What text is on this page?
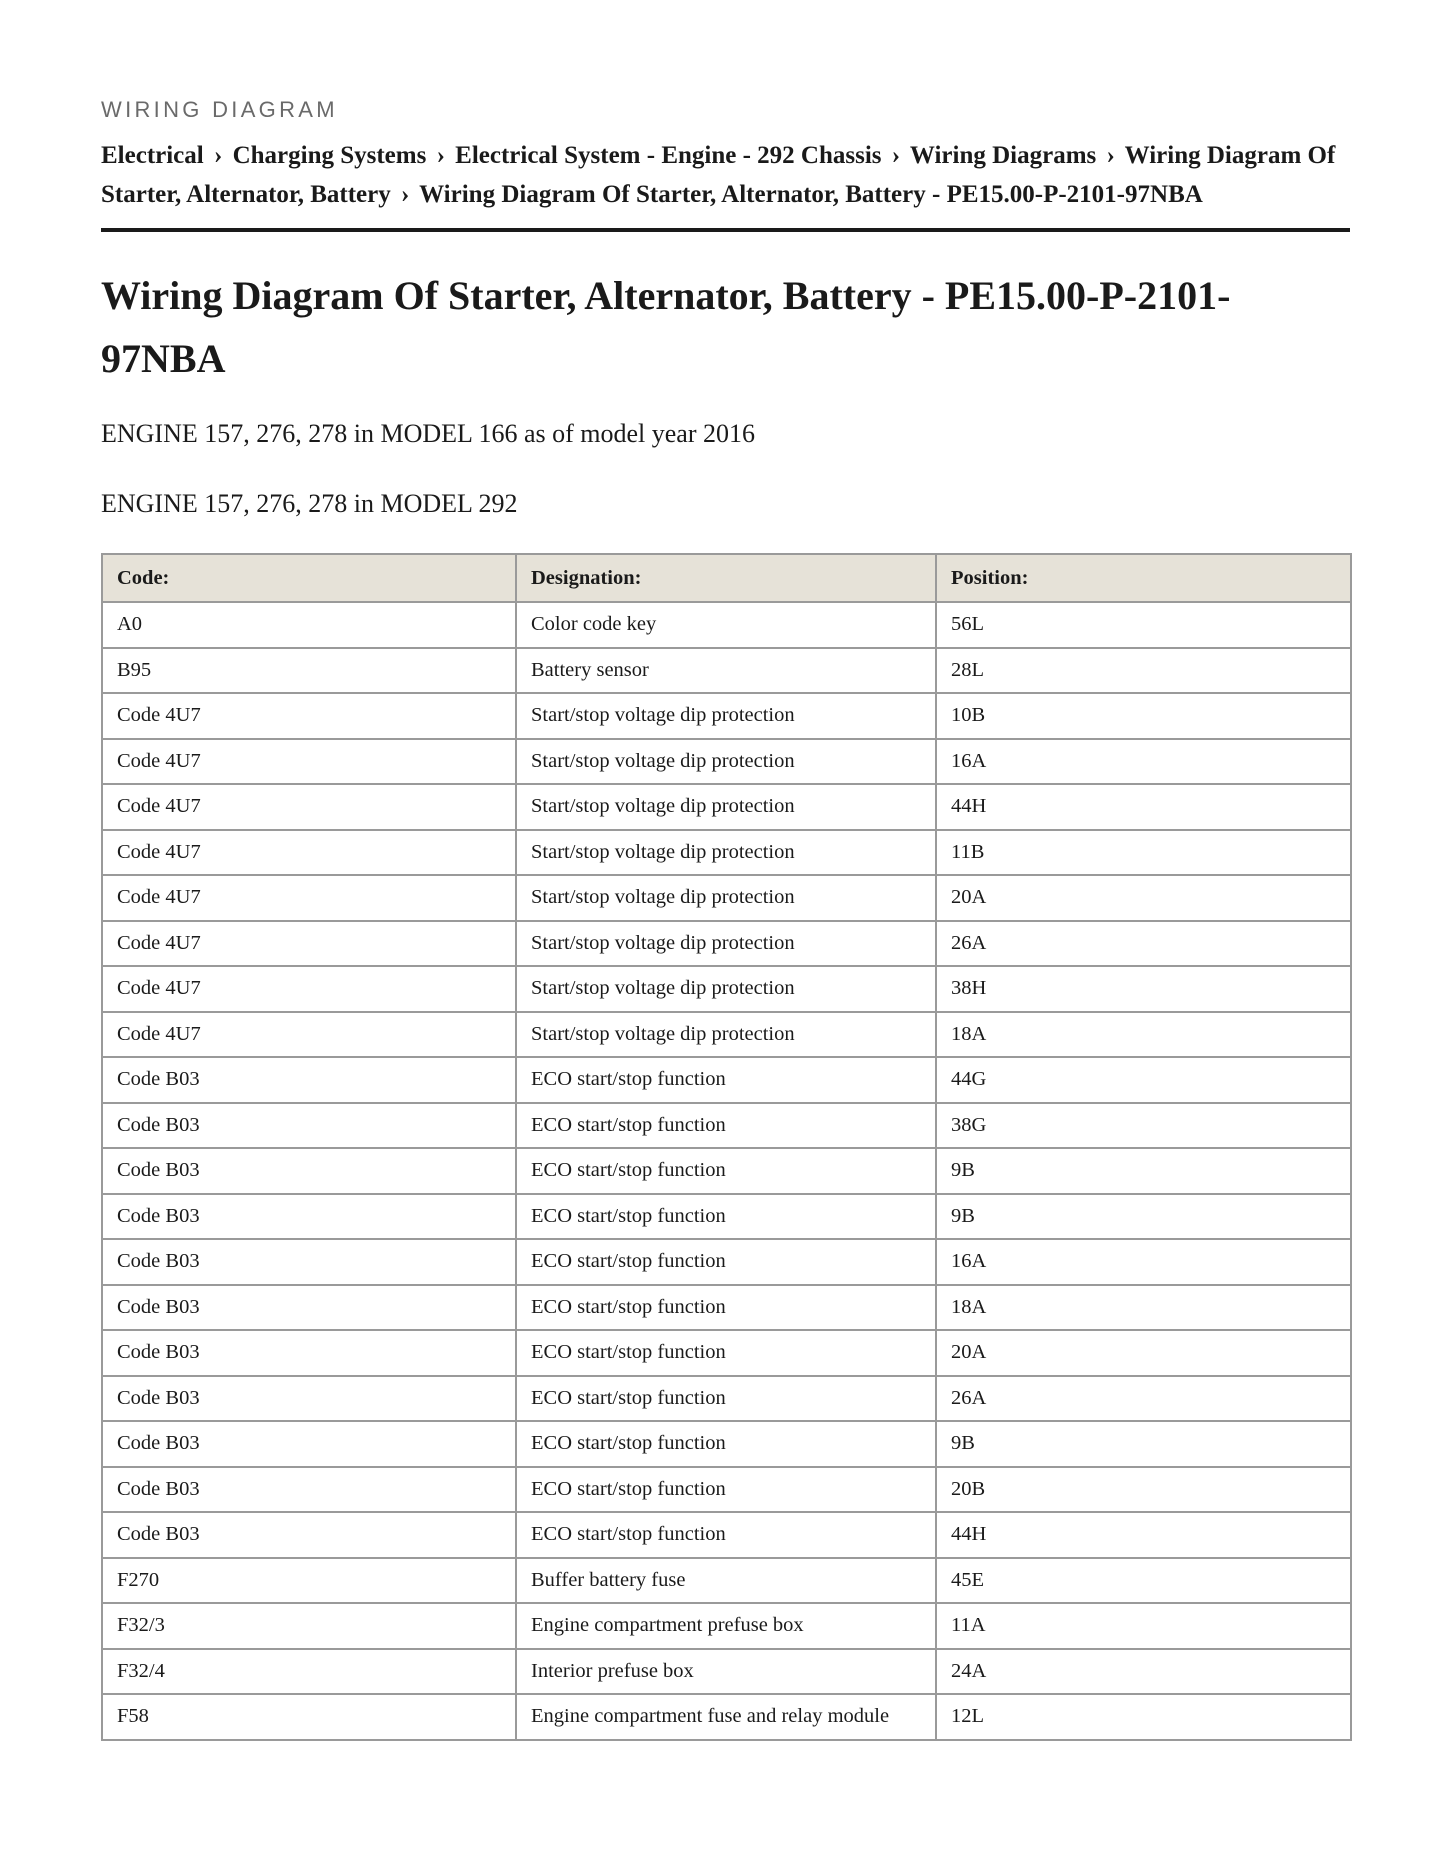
WIRING DIAGRAM
Electrical › Charging Systems › Electrical System - Engine - 292 Chassis › Wiring Diagrams › Wiring Diagram Of Starter, Alternator, Battery › Wiring Diagram Of Starter, Alternator, Battery - PE15.00-P-2101-97NBA
Wiring Diagram Of Starter, Alternator, Battery - PE15.00-P-2101-97NBA

ENGINE 157, 276, 278 in MODEL 166 as of model year 2016

ENGINE 157, 276, 278 in MODEL 292

Code:	Designation:	Position:
A0	Color code key	56L
B95	Battery sensor	28L
Code 4U7	Start/stop voltage dip protection	10B
Code 4U7	Start/stop voltage dip protection	16A
Code 4U7	Start/stop voltage dip protection	44H
Code 4U7	Start/stop voltage dip protection	11B
Code 4U7	Start/stop voltage dip protection	20A
Code 4U7	Start/stop voltage dip protection	26A
Code 4U7	Start/stop voltage dip protection	38H
Code 4U7	Start/stop voltage dip protection	18A
Code B03	ECO start/stop function	44G
Code B03	ECO start/stop function	38G
Code B03	ECO start/stop function	9B
Code B03	ECO start/stop function	9B
Code B03	ECO start/stop function	16A
Code B03	ECO start/stop function	18A
Code B03	ECO start/stop function	20A
Code B03	ECO start/stop function	26A
Code B03	ECO start/stop function	9B
Code B03	ECO start/stop function	20B
Code B03	ECO start/stop function	44H
F270	Buffer battery fuse	45E
F32/3	Engine compartment prefuse box	11A
F32/4	Interior prefuse box	24A
F58	Engine compartment fuse and relay module	12L
